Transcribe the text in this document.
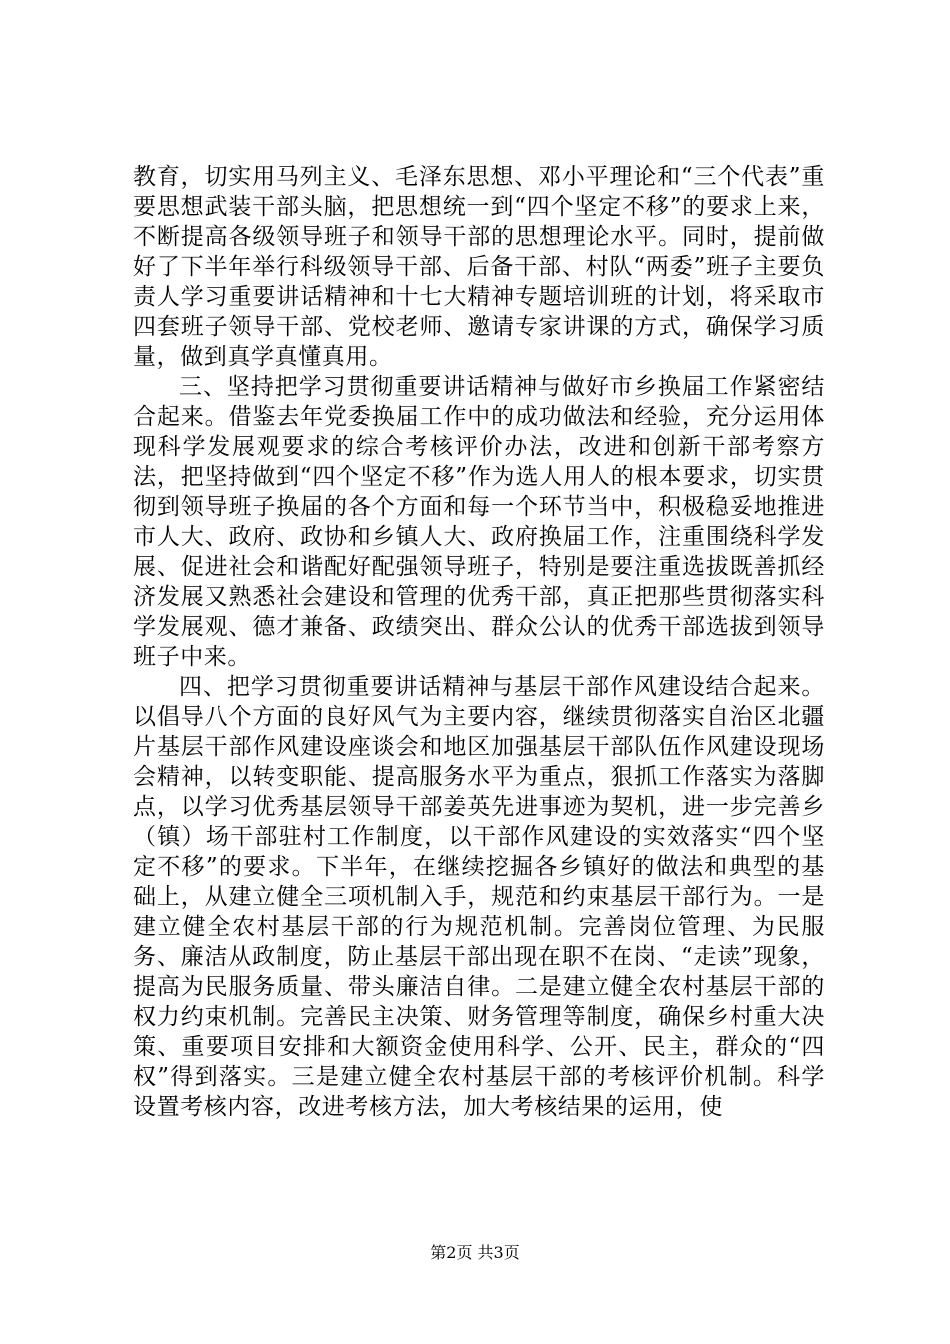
教育，切实用马列主义、毛泽东思想、邓小平理论和“三个代表”重要思想武装干部头脑，把思想统一到“四个坚定不移”的要求上来，不断提高各级领导班子和领导干部的思想理论水平。同时，提前做好了下半年举行科级领导干部、后备干部、村队“两委”班子主要负责人学习重要讲话精神和十七大精神专题培训班的计划，将采取市四套班子领导干部、党校老师、邀请专家讲课的方式，确保学习质量，做到真学真懂真用。

三、坚持把学习贯彻重要讲话精神与做好市乡换届工作紧密结合起来。借鉴去年党委换届工作中的成功做法和经验，充分运用体现科学发展观要求的综合考核评价办法，改进和创新干部考察方法，把坚持做到“四个坚定不移”作为选人用人的根本要求，切实贯彻到领导班子换届的各个方面和每一个环节当中，积极稳妥地推进市人大、政府、政协和乡镇人大、政府换届工作，注重围绕科学发展、促进社会和谐配好配强领导班子，特别是要注重选拔既善抓经济发展又熟悉社会建设和管理的优秀干部，真正把那些贯彻落实科学发展观、德才兼备、政绩突出、群众公认的优秀干部选拔到领导班子中来。

四、把学习贯彻重要讲话精神与基层干部作风建设结合起来。以倡导八个方面的良好风气为主要内容，继续贯彻落实自治区北疆片基层干部作风建设座谈会和地区加强基层干部队伍作风建设现场会精神，以转变职能、提高服务水平为重点，狠抓工作落实为落脚点，以学习优秀基层领导干部姜英先进事迹为契机，进一步完善乡（镇）场干部驻村工作制度，以干部作风建设的实效落实“四个坚定不移”的要求。下半年，在继续挖掘各乡镇好的做法和典型的基础上，从建立健全三项机制入手，规范和约束基层干部行为。一是建立健全农村基层干部的行为规范机制。完善岗位管理、为民服务、廉洁从政制度，防止基层干部出现在职不在岗、“走读”现象，提高为民服务质量、带头廉洁自律。二是建立健全农村基层干部的权力约束机制。完善民主决策、财务管理等制度，确保乡村重大决策、重要项目安排和大额资金使用科学、公开、民主，群众的“四权”得到落实。三是建立健全农村基层干部的考核评价机制。科学设置考核内容，改进考核方法，加大考核结果的运用，使

第2页 共3页
